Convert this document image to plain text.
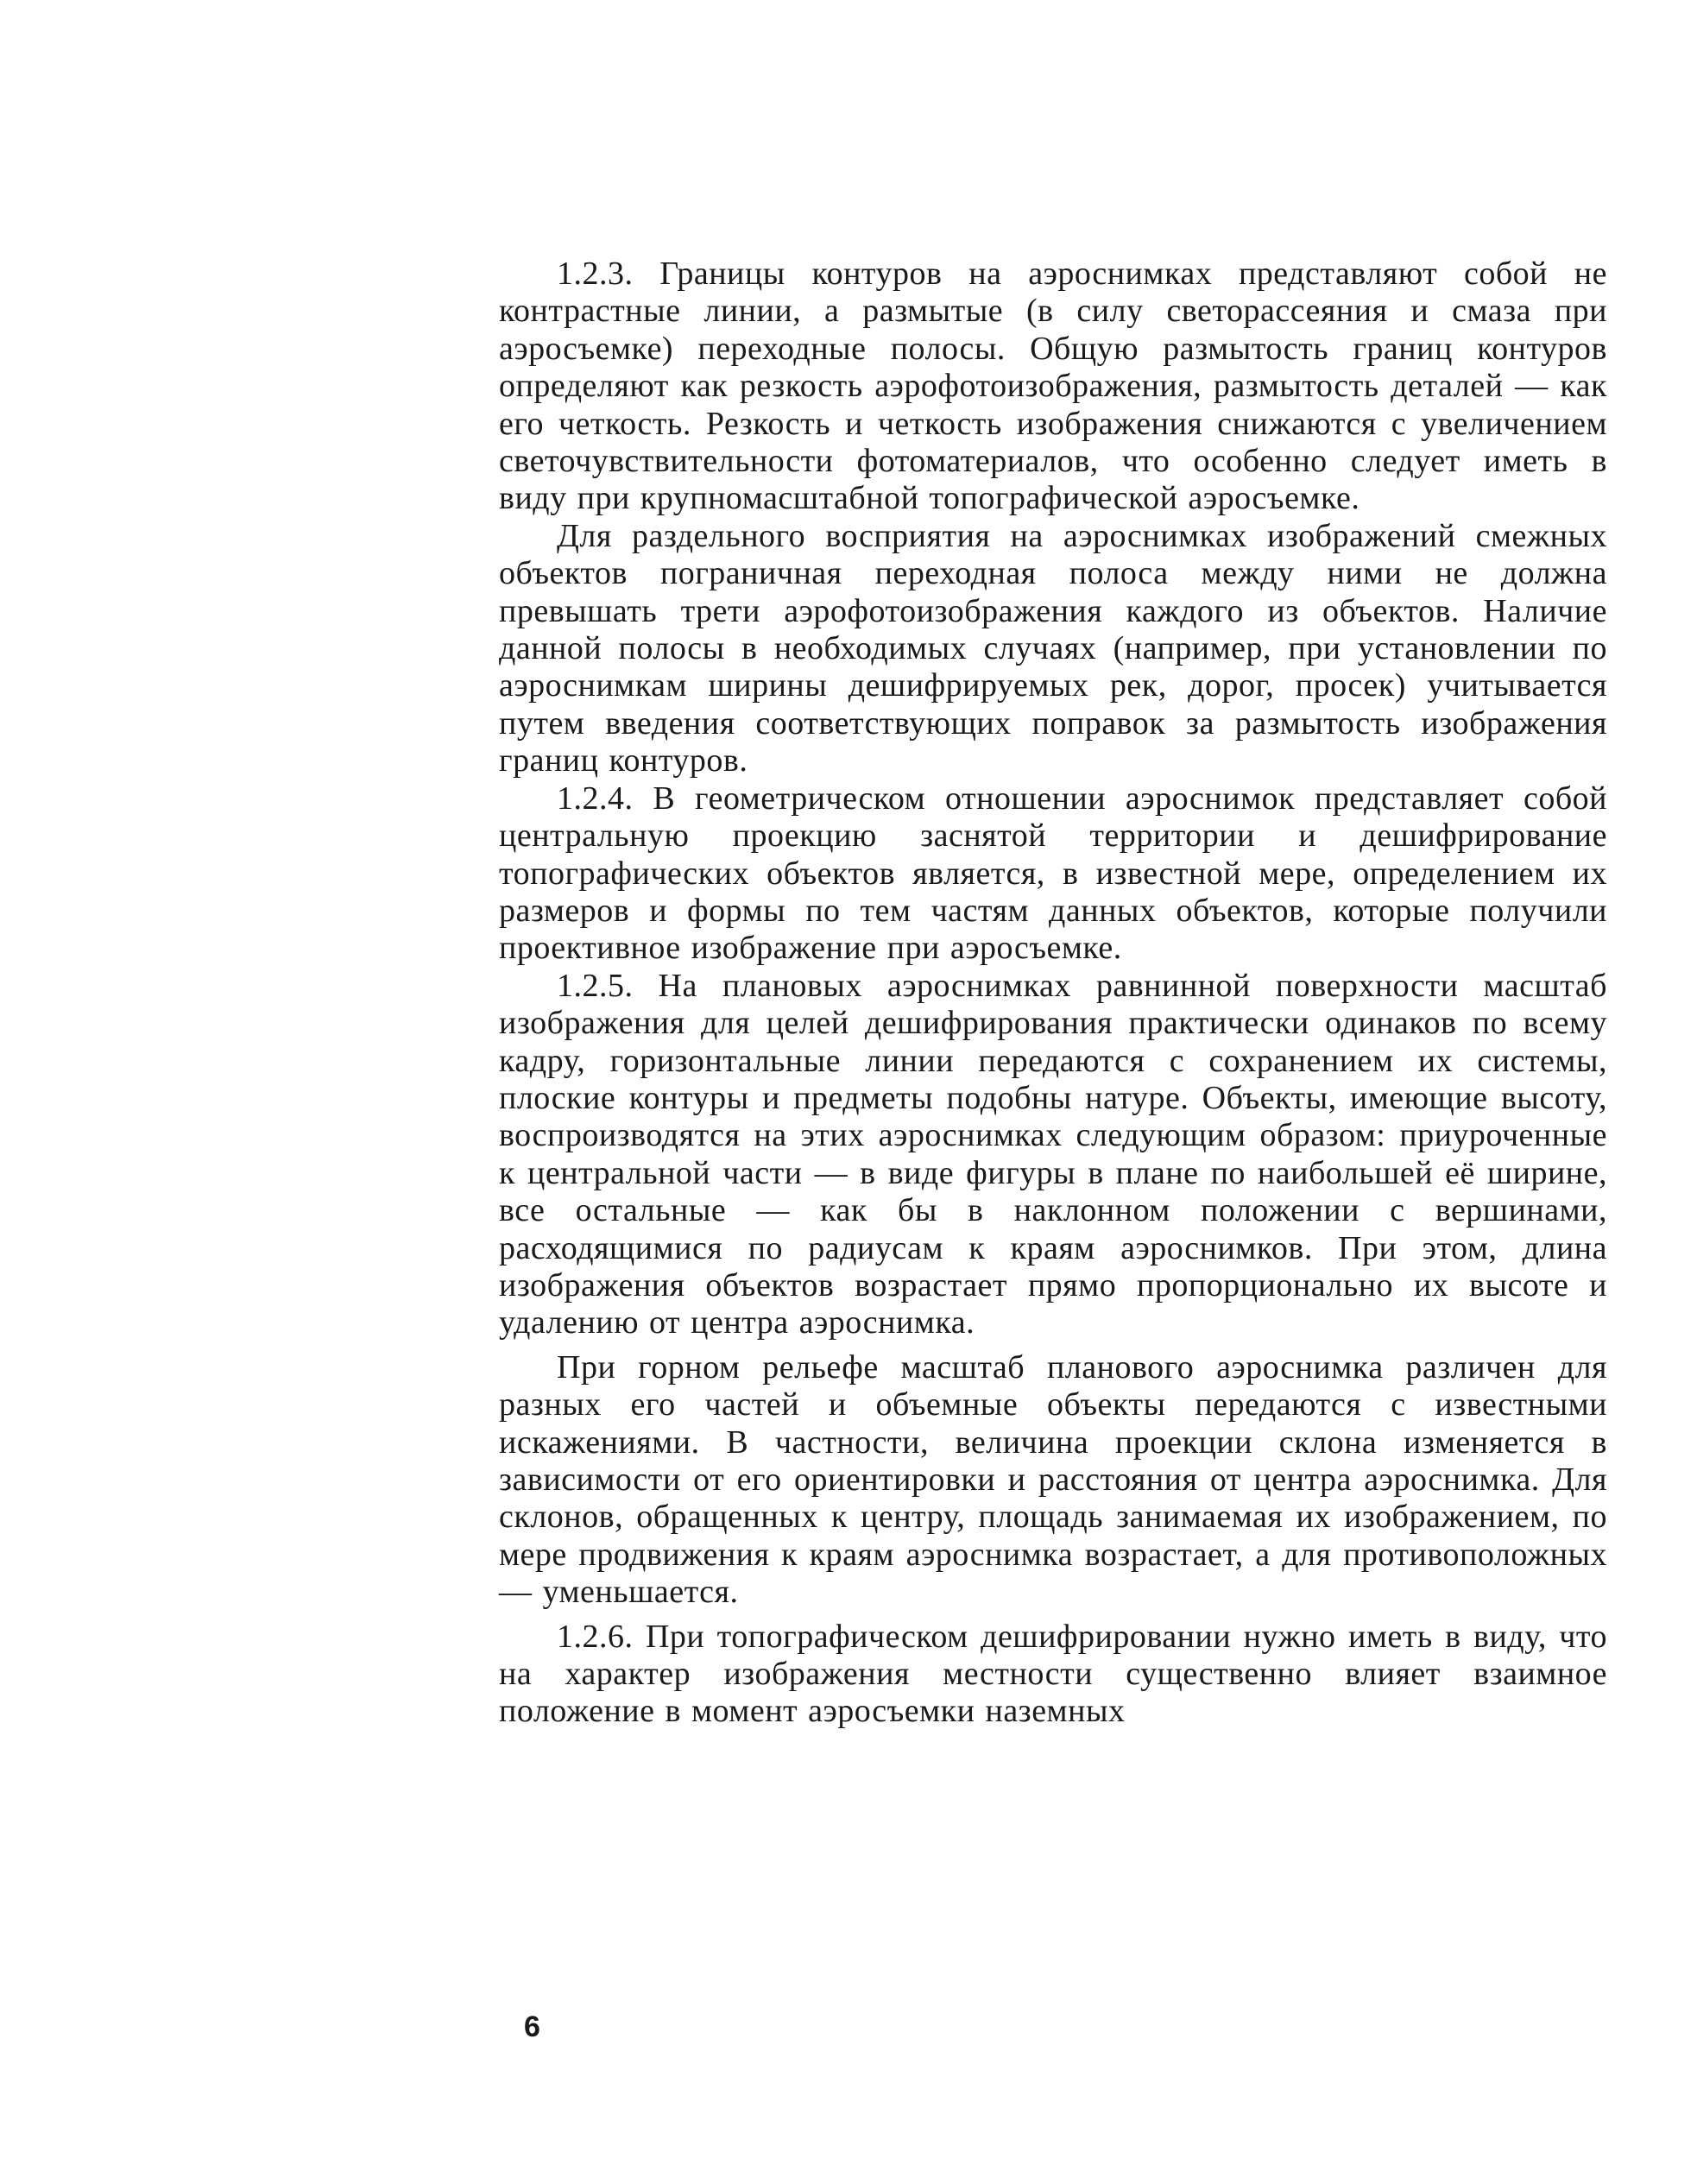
1.2.3. Границы контуров на аэроснимках представляют собой не контрастные линии, а размытые (в силу светорассеяния и смаза при аэросъемке) переходные полосы. Общую размытость границ контуров определяют как резкость аэрофотоизображения, размытость деталей — как его четкость. Резкость и четкость изображения снижаются с увеличением светочувствительности фотоматериалов, что особенно следует иметь в виду при крупномасштабной топографической аэросъемке.

Для раздельного восприятия на аэроснимках изображений смежных объектов пограничная переходная полоса между ними не должна превышать трети аэрофотоизображения каждого из объектов. Наличие данной полосы в необходимых случаях (например, при установлении по аэроснимкам ширины дешифрируемых рек, дорог, просек) учитывается путем введения соответствующих поправок за размытость изображения границ контуров.

1.2.4. В геометрическом отношении аэроснимок представляет собой центральную проекцию заснятой территории и дешифрирование топографических объектов является, в известной мере, определением их размеров и формы по тем частям данных объектов, которые получили проективное изображение при аэросъемке.

1.2.5. На плановых аэроснимках равнинной поверхности масштаб изображения для целей дешифрирования практически одинаков по всему кадру, горизонтальные линии передаются с сохранением их системы, плоские контуры и предметы подобны натуре. Объекты, имеющие высоту, воспроизводятся на этих аэроснимках следующим образом: приуроченные к центральной части — в виде фигуры в плане по наибольшей её ширине, все остальные — как бы в наклонном положении с вершинами, расходящимися по радиусам к краям аэроснимков. При этом, длина изображения объектов возрастает прямо пропорционально их высоте и удалению от центра аэроснимка.

При горном рельефе масштаб планового аэроснимка различен для разных его частей и объемные объекты передаются с известными искажениями. В частности, величина проекции склона изменяется в зависимости от его ориентировки и расстояния от центра аэроснимка. Для склонов, обращенных к центру, площадь занимаемая их изображением, по мере продвижения к краям аэроснимка возрастает, а для противоположных — уменьшается.

1.2.6. При топографическом дешифрировании нужно иметь в виду, что на характер изображения местности существенно влияет взаимное положение в момент аэросъемки наземных

6
